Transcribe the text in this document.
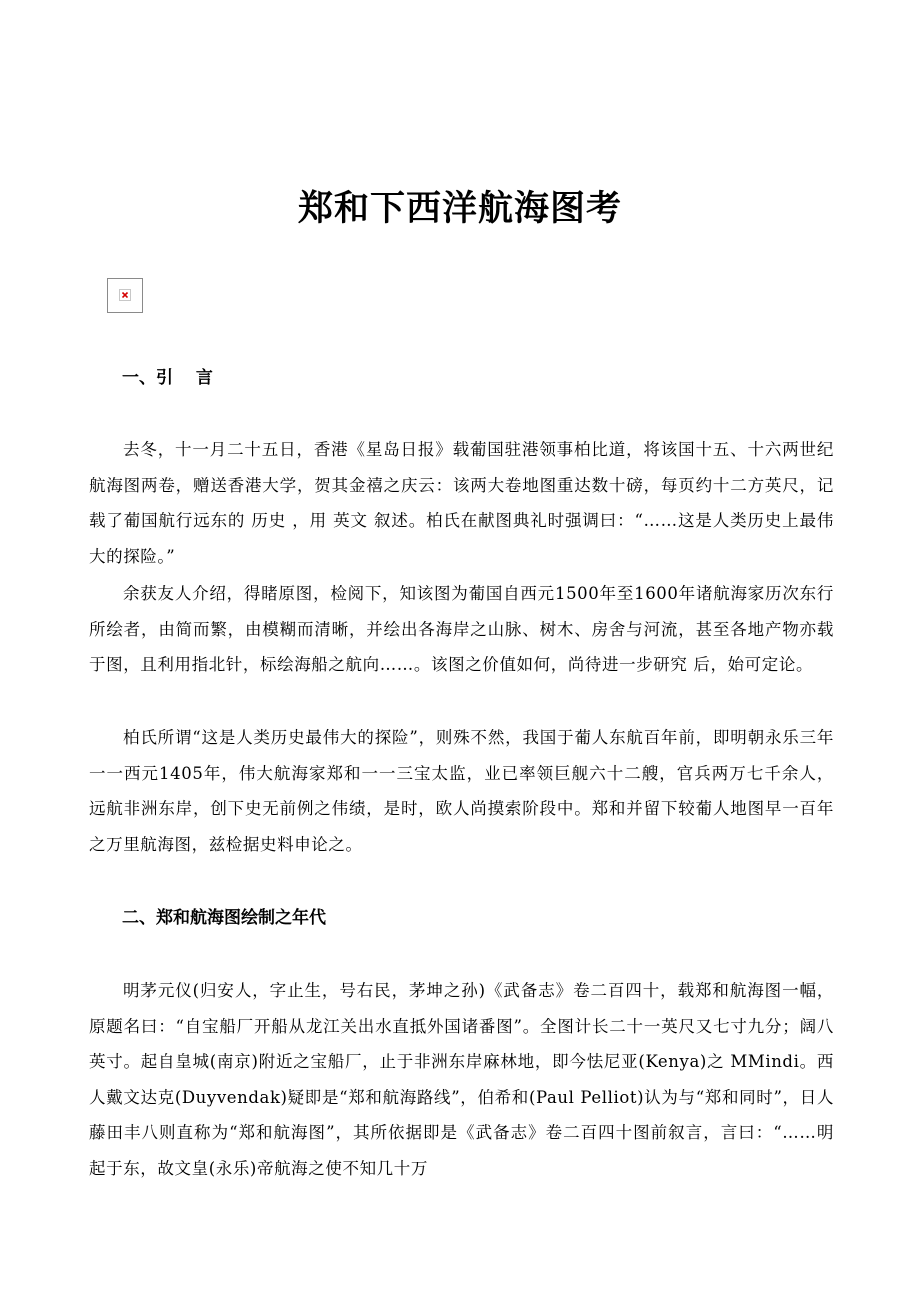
郑和下西洋航海图考
一、引　 言

去冬，十一月二十五日，香港《星岛日报》载葡国驻港领事柏比道，将该国十五、十六两世纪航海图两卷，赠送香港大学，贺其金禧之庆云：该两大卷地图重达数十磅，每页约十二方英尺，记载了葡国航行远东的 历史 ，用 英文 叙述。柏氏在献图典礼时强调曰：“……这是人类历史上最伟大的探险。”

余获友人介绍，得睹原图，检阅下，知该图为葡国自西元1500年至1600年诸航海家历次东行所绘者，由简而繁，由模糊而清晰，并绘出各海岸之山脉、树木、房舍与河流，甚至各地产物亦载于图，且利用指北针，标绘海船之航向……。该图之价值如何，尚待进一步研究 后，始可定论。

柏氏所谓“这是人类历史最伟大的探险”，则殊不然，我国于葡人东航百年前，即明朝永乐三年一一西元1405年，伟大航海家郑和一一三宝太监，业已率领巨舰六十二艘，官兵两万七千余人，远航非洲东岸，创下史无前例之伟绩，是时，欧人尚摸索阶段中。郑和并留下较葡人地图早一百年之万里航海图，兹检据史料申论之。

二、郑和航海图绘制之年代

明茅元仪(归安人，字止生，号右民，茅坤之孙)《武备志》卷二百四十，载郑和航海图一幅，原题名曰：“自宝船厂开船从龙江关出水直抵外国诸番图”。全图计长二十一英尺又七寸九分；阔八英寸。起自皇城(南京)附近之宝船厂，止于非洲东岸麻林地，即今怯尼亚(Kenya)之 MMindi。西人戴文达克(Duyvendak)疑即是“郑和航海路线”，伯希和(Paul Pelliot)认为与“郑和同时”，日人藤田丰八则直称为“郑和航海图”，其所依据即是《武备志》卷二百四十图前叙言，言曰：“……明起于东，故文皇(永乐)帝航海之使不知几十万
